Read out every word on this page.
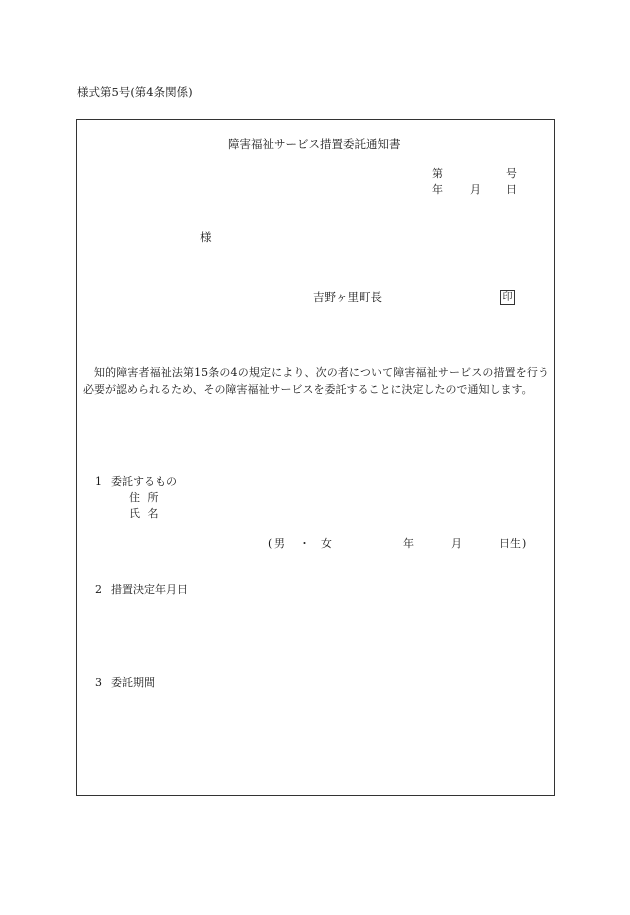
様式第5号(第4条関係)
障害福祉サービス措置委託通知書
第	号
年 月 日
様
吉野ヶ里町長	印

知的障害者福祉法第15条の4の規定により、次の者について障害福祉サービスの措置を行う必要が認められるため、その障害福祉サービスを委託することに決定したので通知します。

1 委託するもの
住 所
氏 名
( 男 ・ 女	年	月	日生 )
2 措置決定年月日
3 委託期間
